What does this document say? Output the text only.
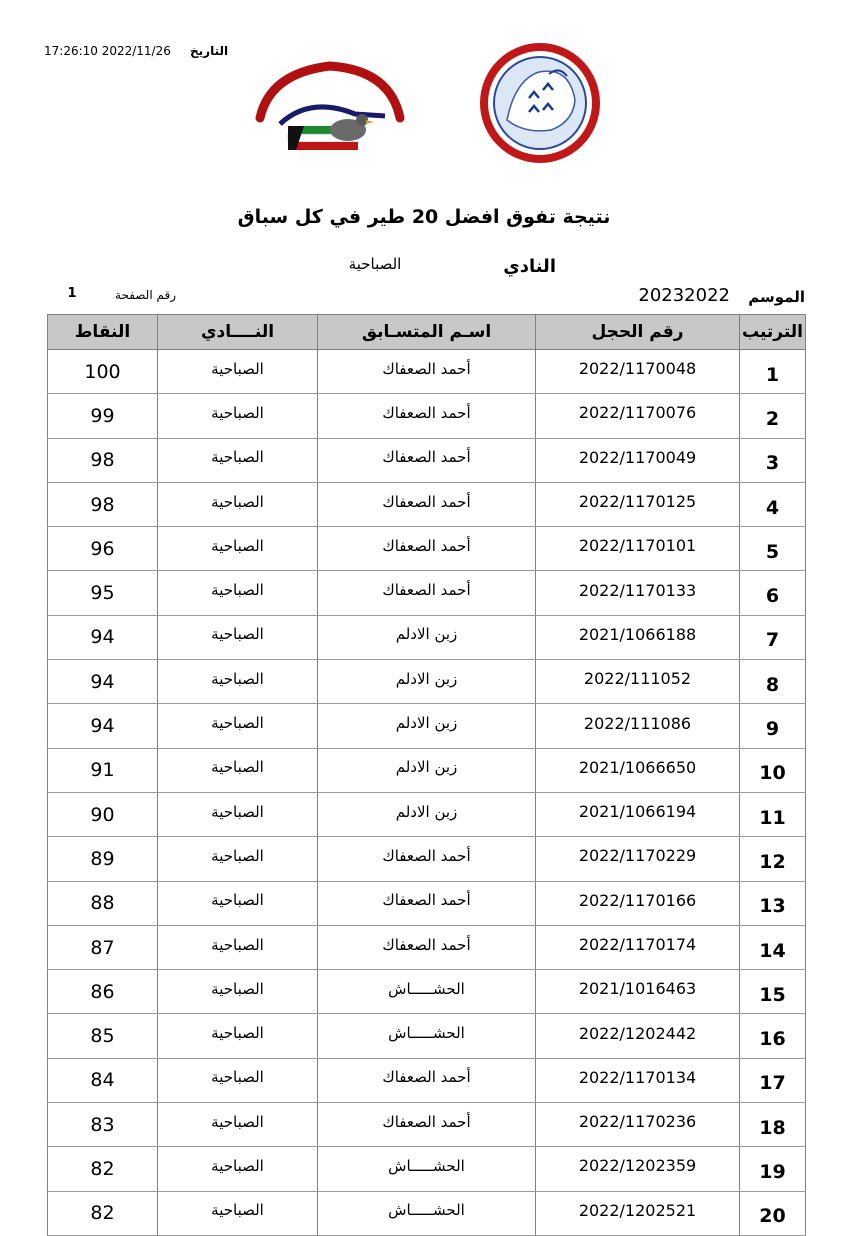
التاريخ
17:26:10 2022/11/26
نتيجة تفوق افضل 20 طير في كل سباق
النادي
الصباحية
رقم الصفحة
1	الموسم
20232022
الترتيب	رقم الحجل	اسـم المتسـابق	النــــادي	النقاط
1	2022/1170048	أحمد الصعفاك	الصباحية	100
2	2022/1170076	أحمد الصعفاك	الصباحية	99
3	2022/1170049	أحمد الصعفاك	الصباحية	98
4	2022/1170125	أحمد الصعفاك	الصباحية	98
5	2022/1170101	أحمد الصعفاك	الصباحية	96
6	2022/1170133	أحمد الصعفاك	الصباحية	95
7	2021/1066188	زبن الادلم	الصباحية	94
8	2022/111052	زبن الادلم	الصباحية	94
9	2022/111086	زبن الادلم	الصباحية	94
10	2021/1066650	زبن الادلم	الصباحية	91
11	2021/1066194	زبن الادلم	الصباحية	90
12	2022/1170229	أحمد الصعفاك	الصباحية	89
13	2022/1170166	أحمد الصعفاك	الصباحية	88
14	2022/1170174	أحمد الصعفاك	الصباحية	87
15	2021/1016463	الحشـــــاش	الصباحية	86
16	2022/1202442	الحشـــــاش	الصباحية	85
17	2022/1170134	أحمد الصعفاك	الصباحية	84
18	2022/1170236	أحمد الصعفاك	الصباحية	83
19	2022/1202359	الحشـــــاش	الصباحية	82
20	2022/1202521	الحشـــــاش	الصباحية	82
